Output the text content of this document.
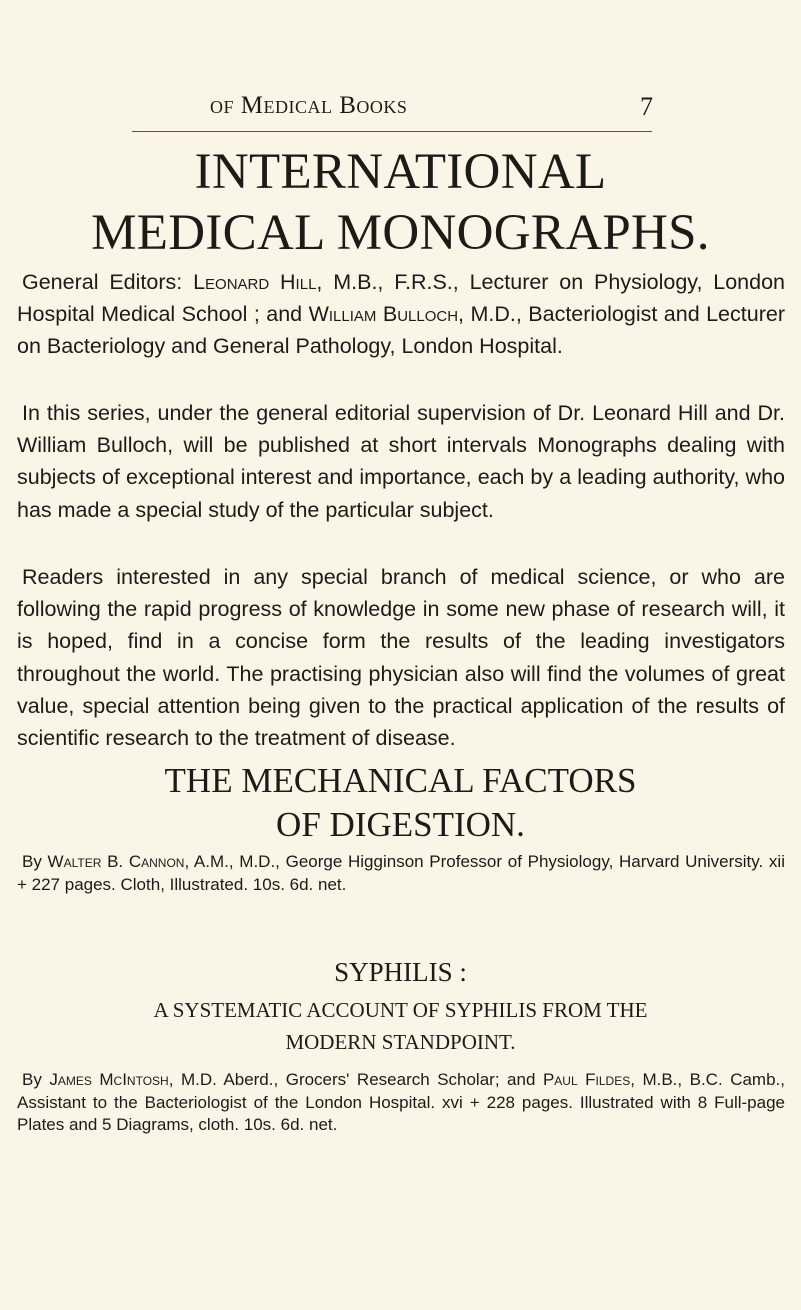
of Medical Books	7
INTERNATIONAL
MEDICAL MONOGRAPHS.

General Editors: Leonard Hill, M.B., F.R.S., Lecturer on Physiology, London Hospital Medical School ; and William Bulloch, M.D., Bacteriologist and Lecturer on Bacteriology and General Pathology, London Hospital.

In this series, under the general editorial supervision of Dr. Leonard Hill and Dr. William Bulloch, will be published at short intervals Monographs dealing with subjects of exceptional interest and importance, each by a leading authority, who has made a special study of the particular subject.

Readers interested in any special branch of medical science, or who are following the rapid progress of knowledge in some new phase of research will, it is hoped, find in a concise form the results of the leading investigators throughout the world. The practising physician also will find the volumes of great value, special attention being given to the practical application of the results of scientific research to the treatment of disease.

THE MECHANICAL FACTORS
OF DIGESTION.

By Walter B. Cannon, A.M., M.D., George Higginson Professor of Physiology, Harvard University. xii + 227 pages. Cloth, Illustrated. 10s. 6d. net.

SYPHILIS :
A SYSTEMATIC ACCOUNT OF SYPHILIS FROM THE
MODERN STANDPOINT.

By James McIntosh, M.D. Aberd., Grocers' Research Scholar; and Paul Fildes, M.B., B.C. Camb., Assistant to the Bacteriologist of the London Hospital. xvi + 228 pages. Illustrated with 8 Full-page Plates and 5 Diagrams, cloth. 10s. 6d. net.
